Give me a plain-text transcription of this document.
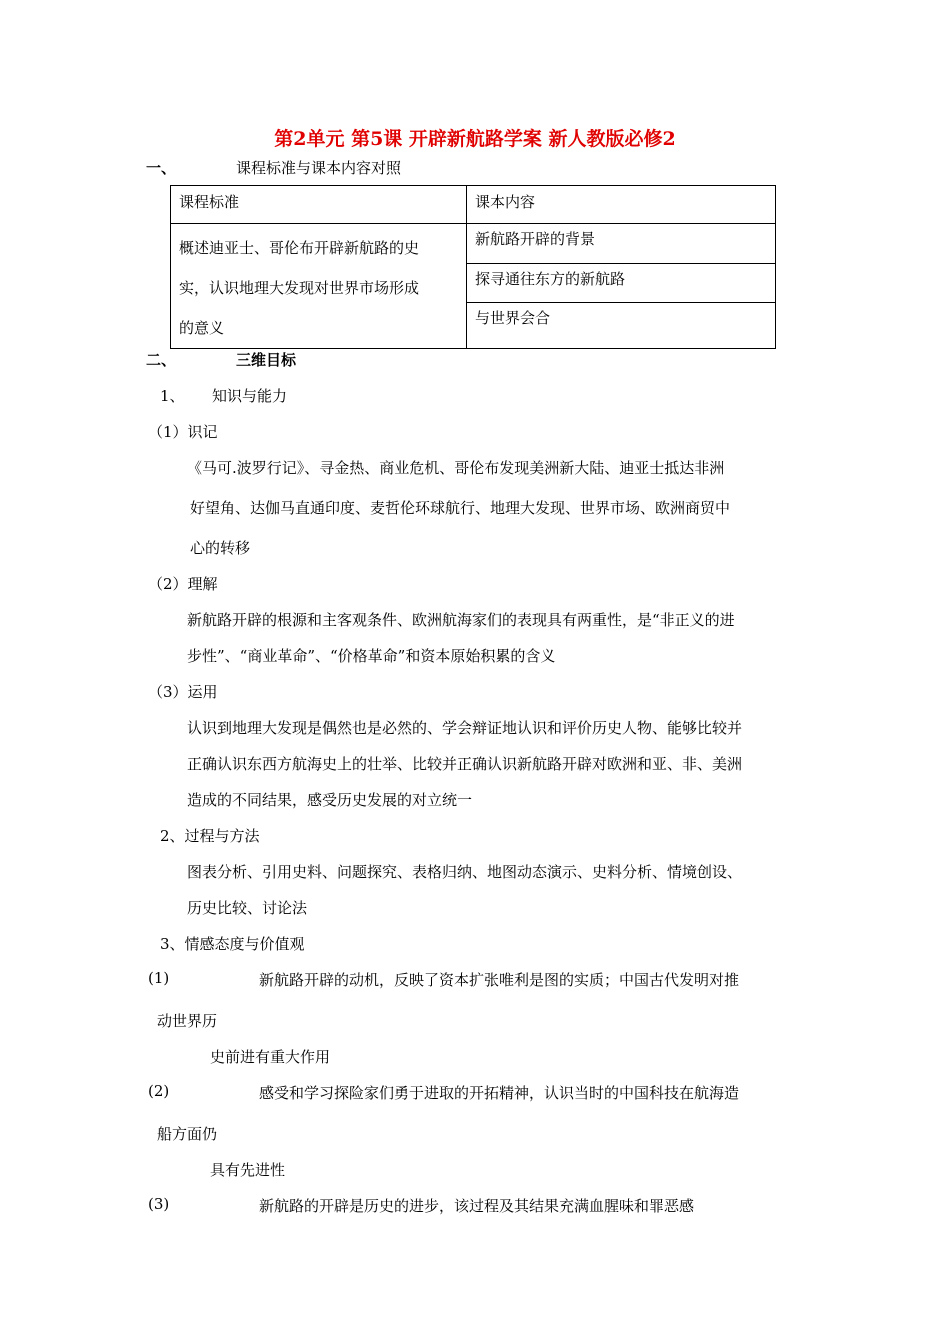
第2单元 第5课 开辟新航路学案 新人教版必修2
一、	课程标准与课本内容对照
课程标准	课本内容

概述迪亚士、哥伦布开辟新航路的史
实，认识地理大发现对世界市场形成
的意义	新航路开辟的背景
	探寻通往东方的新航路
	与世界会合
二、	三维目标
1、 知识与能力
（1）识记
《马可.波罗行记》、寻金热、商业危机、哥伦布发现美洲新大陆、迪亚士抵达非洲
好望角、达伽马直通印度、麦哲伦环球航行、地理大发现、世界市场、欧洲商贸中
心的转移
（2）理解
新航路开辟的根源和主客观条件、欧洲航海家们的表现具有两重性，是“非正义的进
步性”、“商业革命”、“价格革命”和资本原始积累的含义
（3）运用
认识到地理大发现是偶然也是必然的、学会辩证地认识和评价历史人物、能够比较并
正确认识东西方航海史上的壮举、比较并正确认识新航路开辟对欧洲和亚、非、美洲
造成的不同结果，感受历史发展的对立统一
2、过程与方法
图表分析、引用史料、问题探究、表格归纳、地图动态演示、史料分析、情境创设、
历史比较、讨论法
3、情感态度与价值观
(1)	新航路开辟的动机，反映了资本扩张唯利是图的实质；中国古代发明对推
动世界历
史前进有重大作用
(2)	感受和学习探险家们勇于进取的开拓精神，认识当时的中国科技在航海造
船方面仍
具有先进性
(3)	新航路的开辟是历史的进步，该过程及其结果充满血腥味和罪恶感
